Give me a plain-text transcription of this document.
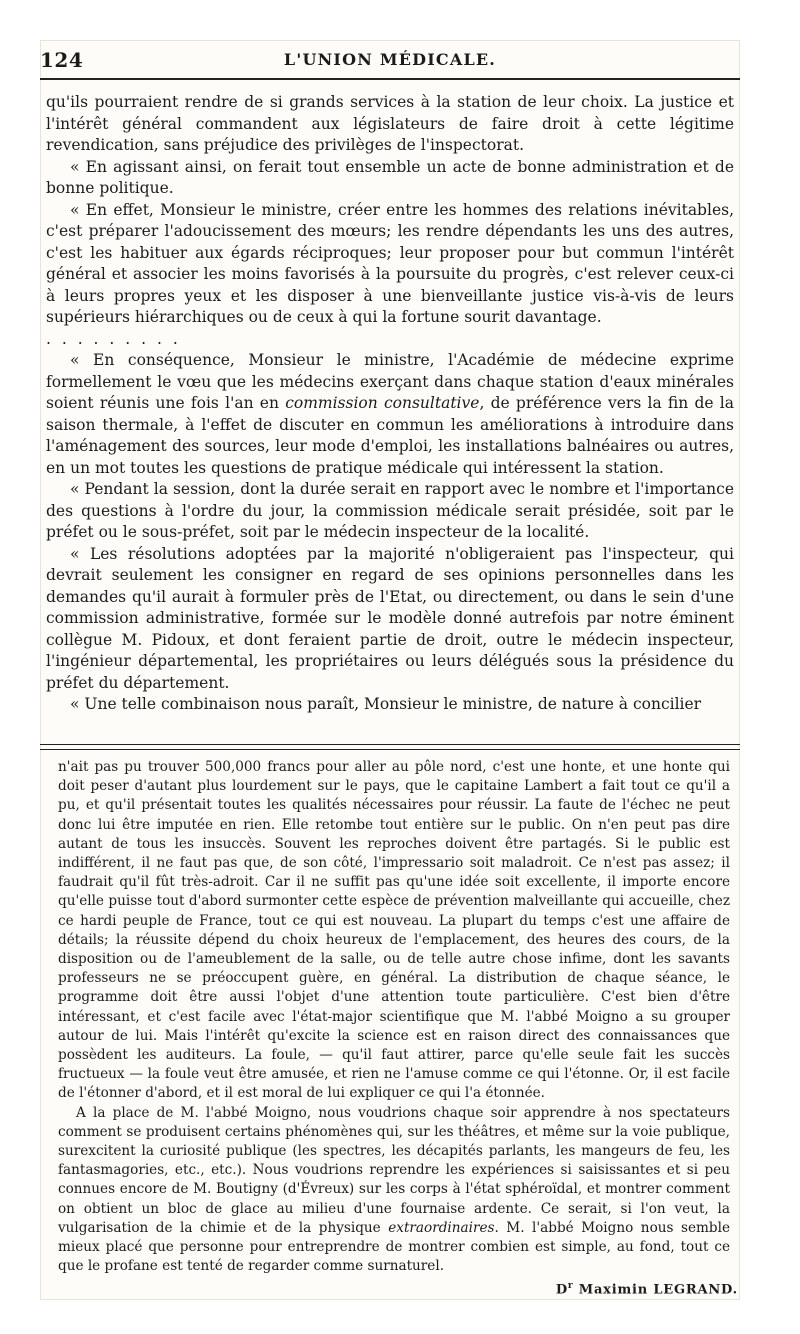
124	L'UNION MÉDICALE.

qu'ils pourraient rendre de si grands services à la station de leur choix. La justice et l'intérêt général commandent aux législateurs de faire droit à cette légitime revendication, sans préjudice des privilèges de l'inspectorat.

« En agissant ainsi, on ferait tout ensemble un acte de bonne administration et de bonne politique.

« En effet, Monsieur le ministre, créer entre les hommes des relations inévitables, c'est préparer l'adoucissement des mœurs; les rendre dépendants les uns des autres, c'est les habituer aux égards réciproques; leur proposer pour but commun l'intérêt général et associer les moins favorisés à la poursuite du progrès, c'est relever ceux-ci à leurs propres yeux et les disposer à une bienveillante justice vis-à-vis de leurs supérieurs hiérarchiques ou de ceux à qui la fortune sourit davantage.
. . . . . . . . .

« En conséquence, Monsieur le ministre, l'Académie de médecine exprime formellement le vœu que les médecins exerçant dans chaque station d'eaux minérales soient réunis une fois l'an en commission consultative, de préférence vers la fin de la saison thermale, à l'effet de discuter en commun les améliorations à introduire dans l'aménagement des sources, leur mode d'emploi, les installations balnéaires ou autres, en un mot toutes les questions de pratique médicale qui intéressent la station.

« Pendant la session, dont la durée serait en rapport avec le nombre et l'importance des questions à l'ordre du jour, la commission médicale serait présidée, soit par le préfet ou le sous-préfet, soit par le médecin inspecteur de la localité.

« Les résolutions adoptées par la majorité n'obligeraient pas l'inspecteur, qui devrait seulement les consigner en regard de ses opinions personnelles dans les demandes qu'il aurait à formuler près de l'Etat, ou directement, ou dans le sein d'une commission administrative, formée sur le modèle donné autrefois par notre éminent collègue M. Pidoux, et dont feraient partie de droit, outre le médecin inspecteur, l'ingénieur départemental, les propriétaires ou leurs délégués sous la présidence du préfet du département.

« Une telle combinaison nous paraît, Monsieur le ministre, de nature à concilier

n'ait pas pu trouver 500,000 francs pour aller au pôle nord, c'est une honte, et une honte qui doit peser d'autant plus lourdement sur le pays, que le capitaine Lambert a fait tout ce qu'il a pu, et qu'il présentait toutes les qualités nécessaires pour réussir. La faute de l'échec ne peut donc lui être imputée en rien. Elle retombe tout entière sur le public. On n'en peut pas dire autant de tous les insuccès. Souvent les reproches doivent être partagés. Si le public est indifférent, il ne faut pas que, de son côté, l'impressario soit maladroit. Ce n'est pas assez; il faudrait qu'il fût très-adroit. Car il ne suffit pas qu'une idée soit excellente, il importe encore qu'elle puisse tout d'abord surmonter cette espèce de prévention malveillante qui accueille, chez ce hardi peuple de France, tout ce qui est nouveau. La plupart du temps c'est une affaire de détails; la réussite dépend du choix heureux de l'emplacement, des heures des cours, de la disposition ou de l'ameublement de la salle, ou de telle autre chose infime, dont les savants professeurs ne se préoccupent guère, en général. La distribution de chaque séance, le programme doit être aussi l'objet d'une attention toute particulière. C'est bien d'être intéressant, et c'est facile avec l'état-major scientifique que M. l'abbé Moigno a su grouper autour de lui. Mais l'intérêt qu'excite la science est en raison direct des connaissances que possèdent les auditeurs. La foule, — qu'il faut attirer, parce qu'elle seule fait les succès fructueux — la foule veut être amusée, et rien ne l'amuse comme ce qui l'étonne. Or, il est facile de l'étonner d'abord, et il est moral de lui expliquer ce qui l'a étonnée.

A la place de M. l'abbé Moigno, nous voudrions chaque soir apprendre à nos spectateurs comment se produisent certains phénomènes qui, sur les théâtres, et même sur la voie publique, surexcitent la curiosité publique (les spectres, les décapités parlants, les mangeurs de feu, les fantasmagories, etc., etc.). Nous voudrions reprendre les expériences si saisissantes et si peu connues encore de M. Boutigny (d'Évreux) sur les corps à l'état sphéroïdal, et montrer comment on obtient un bloc de glace au milieu d'une fournaise ardente. Ce serait, si l'on veut, la vulgarisation de la chimie et de la physique extraordinaires. M. l'abbé Moigno nous semble mieux placé que personne pour entreprendre de montrer combien est simple, au fond, tout ce que le profane est tenté de regarder comme surnaturel.

$D^r$ Maximin LEGRAND.
